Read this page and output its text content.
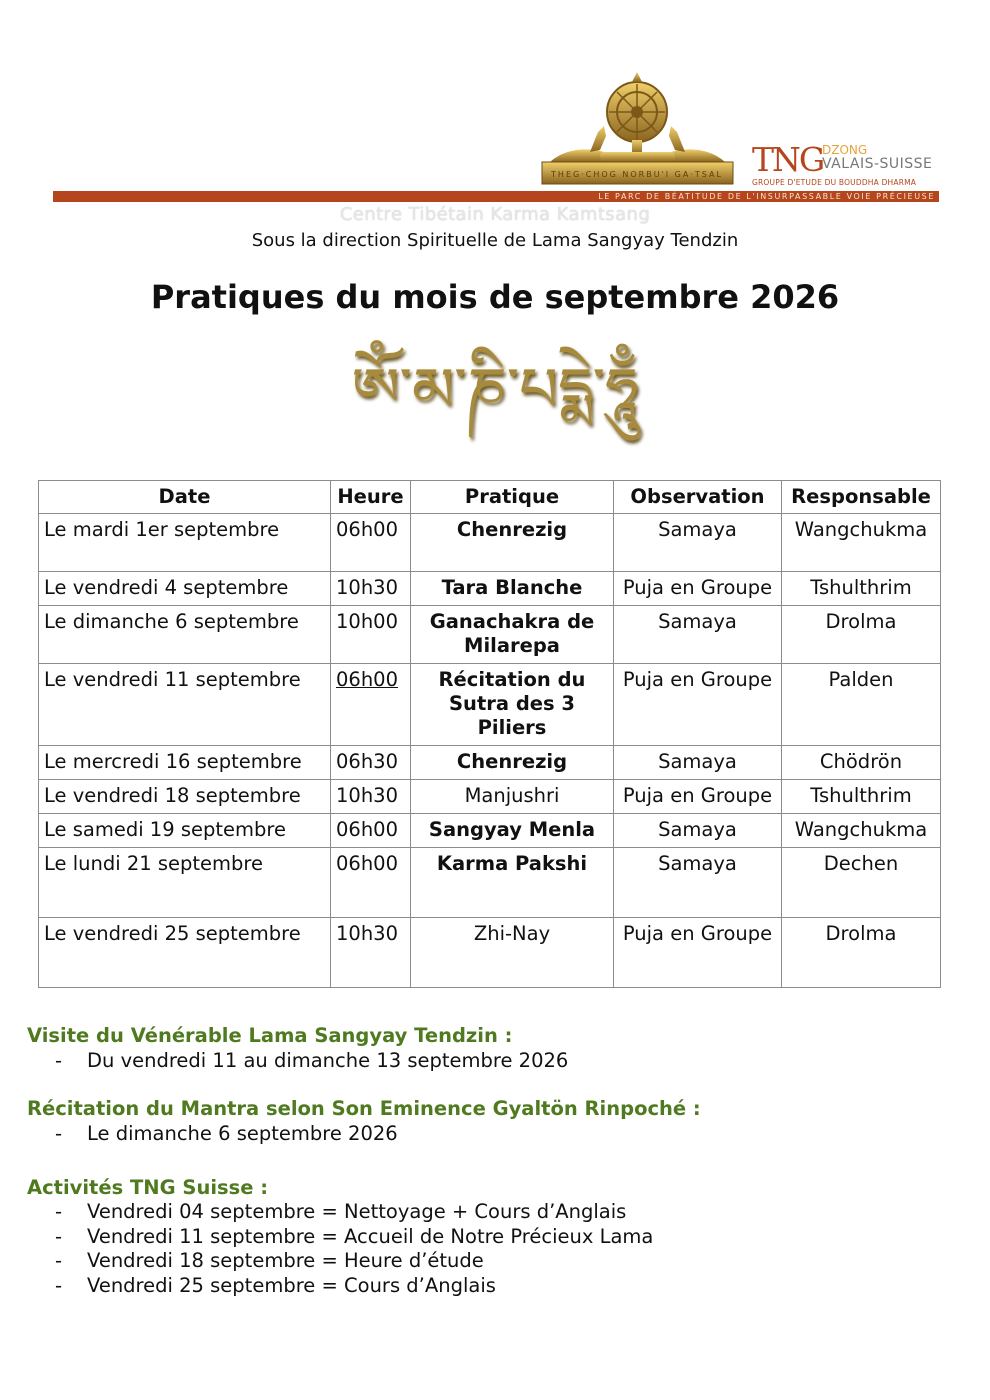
THEG·CHOG NORBU'I GA·TSAL TNG
DZONG
VALAIS-SUISSE
GROUPE D'ETUDE DU BOUDDHA DHARMA
LE PARC DE BÉATITUDE DE L'INSURPASSABLE VOIE PRÉCIEUSE
Centre Tibétain Karma Kamtsang
Sous la direction Spirituelle de Lama Sangyay Tendzin
Pratiques du mois de septembre 2026
ༀ་མ་ཎི་པདྨེ་ཧཱུྃ
Date	Heure	Pratique	Observation	Responsable
Le mardi 1er septembre	06h00	Chenrezig	Samaya	Wangchukma
Le vendredi 4 septembre	10h30	Tara Blanche	Puja en Groupe	Tshulthrim
Le dimanche 6 septembre	10h00	Ganachakra de Milarepa	Samaya	Drolma
Le vendredi 11 septembre	06h00	Récitation du Sutra des 3 Piliers	Puja en Groupe	Palden
Le mercredi 16 septembre	06h30	Chenrezig	Samaya	Chödrön
Le vendredi 18 septembre	10h30	Manjushri	Puja en Groupe	Tshulthrim
Le samedi 19 septembre	06h00	Sangyay Menla	Samaya	Wangchukma
Le lundi 21 septembre	06h00	Karma Pakshi	Samaya	Dechen
Le vendredi 25 septembre	10h30	Zhi-Nay	Puja en Groupe	Drolma
Visite du Vénérable Lama Sangyay Tendzin :
- Du vendredi 11 au dimanche 13 septembre 2026
Récitation du Mantra selon Son Eminence Gyaltön Rinpoché :
- Le dimanche 6 septembre 2026
Activités TNG Suisse :
- Vendredi 04 septembre = Nettoyage + Cours d’Anglais
- Vendredi 11 septembre = Accueil de Notre Précieux Lama
- Vendredi 18 septembre = Heure d’étude
- Vendredi 25 septembre = Cours d’Anglais
